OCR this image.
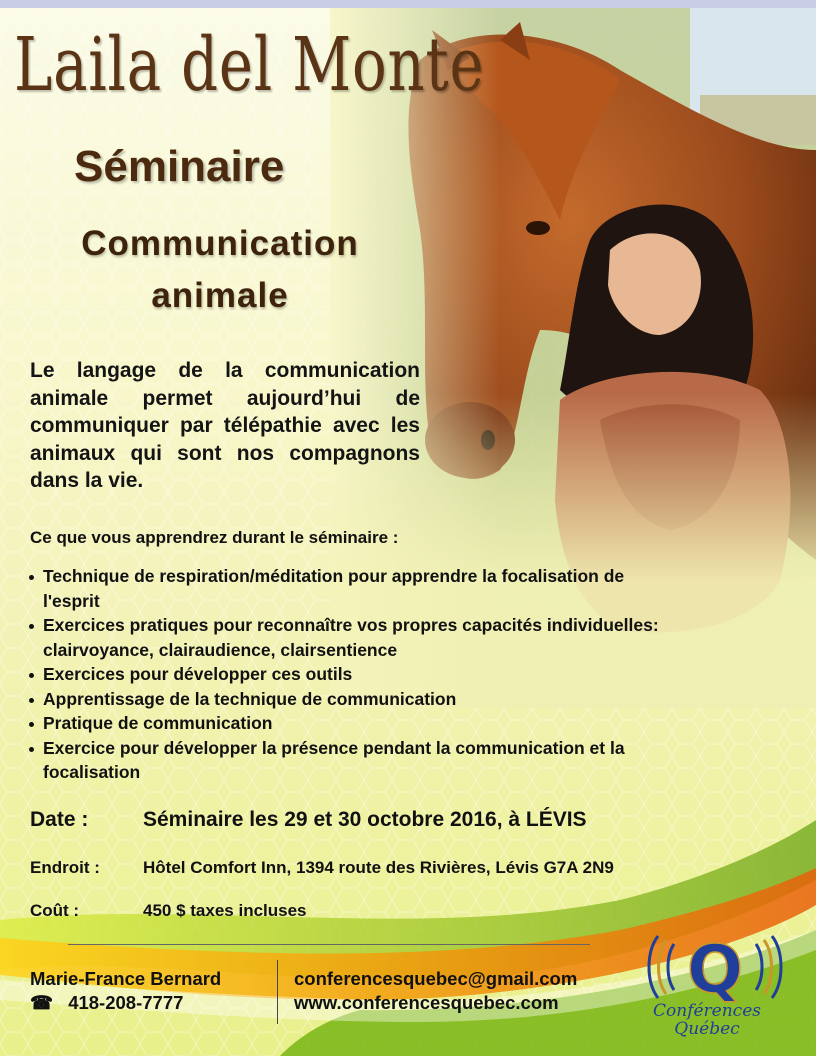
Laila del Monte
Séminaire
Communication
animale
Le langage de la communication animale permet aujourd’hui de communiquer par télépathie avec les animaux qui sont nos compagnons dans la vie.
Ce que vous apprendrez durant le séminaire :
Technique de respiration/méditation pour apprendre la focalisation de l'esprit
Exercices pratiques pour reconnaître vos propres capacités individuelles: clairvoyance, clairaudience, clairsentience
Exercices pour développer ces outils
Apprentissage de la technique de communication
Pratique de communication
Exercice pour développer la présence pendant la communication et la focalisation
Date :	Séminaire les 29 et 30 octobre 2016, à LÉVIS
Endroit :	Hôtel Comfort Inn, 1394 route des Rivières, Lévis G7A 2N9
Coût :	450 $ taxes incluses
Marie-France Bernard
☎ 418-208-7777
conferencesquebec@gmail.com
www.conferencesquebec.com Q
Conférences
Québec
